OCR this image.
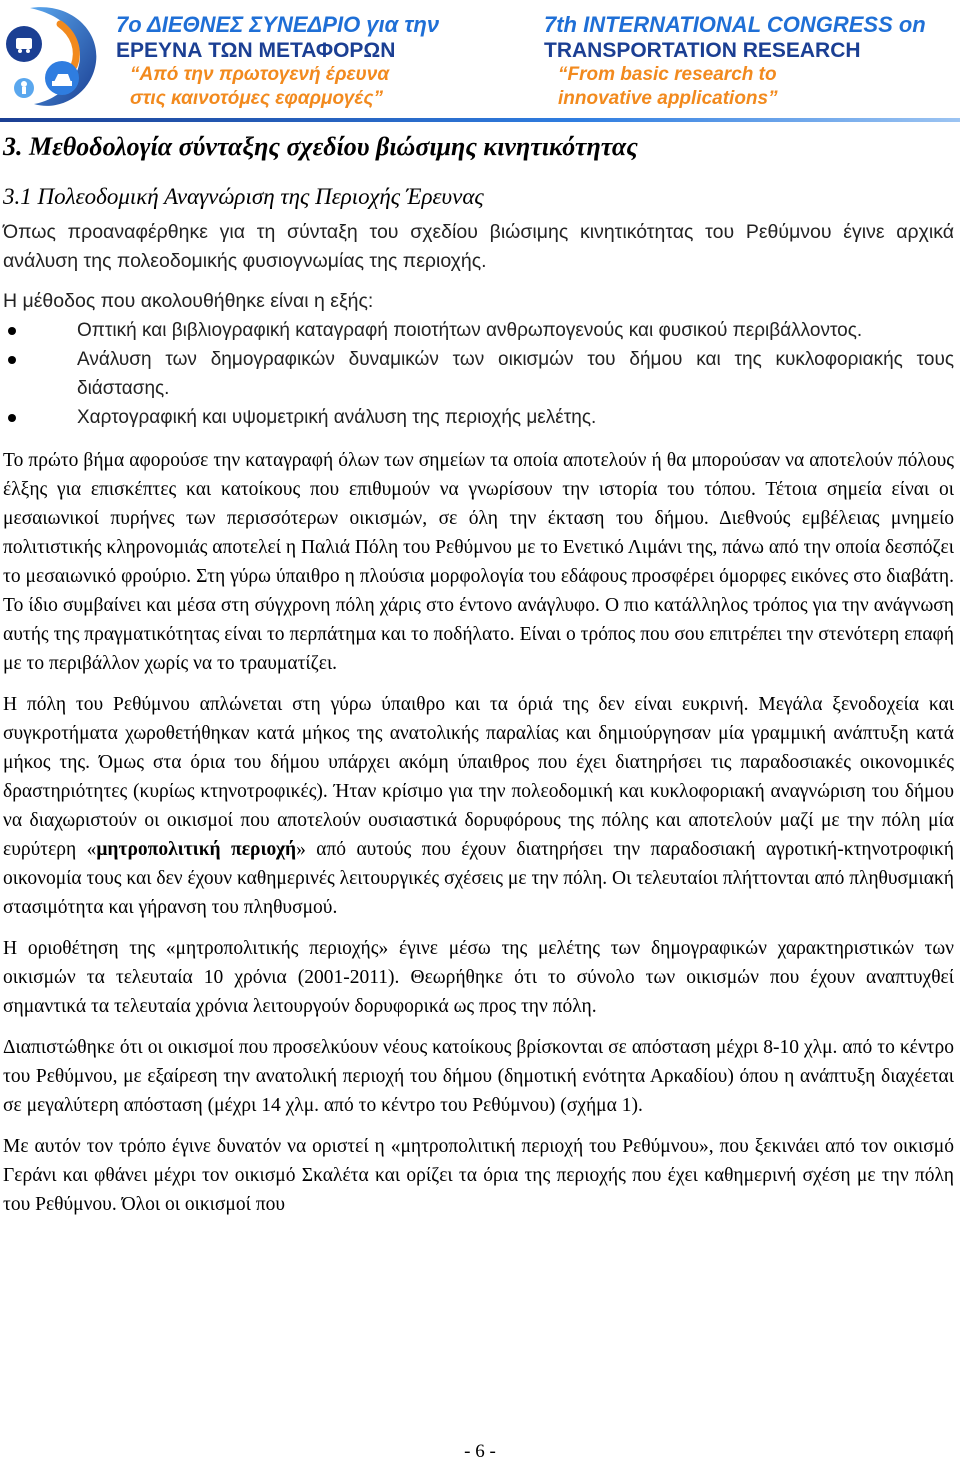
7ο ΔΙΕΘΝΕΣ ΣΥΝΕΔΡΙΟ για την
ΕΡΕΥΝΑ ΤΩΝ ΜΕΤΑΦΟΡΩΝ
“Από την πρωτογενή έρευνα
στις καινοτόμες εφαρμογές”
7th INTERNATIONAL CONGRESS on
TRANSPORTATION RESEARCH
“From basic research to
innovative applications”
3. Μεθοδολογία σύνταξης σχεδίου βιώσιμης κινητικότητας
3.1 Πολεοδομική Αναγνώριση της Περιοχής Έρευνας

Όπως προαναφέρθηκε για τη σύνταξη του σχεδίου βιώσιμης κινητικότητας του Ρεθύμνου έγινε αρχικά ανάλυση της πολεοδομικής φυσιογνωμίας της περιοχής.

Η μέθοδος που ακολουθήθηκε είναι η εξής:

Οπτική και βιβλιογραφική καταγραφή ποιοτήτων ανθρωπογενούς και φυσικού περιβάλλοντος.
Ανάλυση των δημογραφικών δυναμικών των οικισμών του δήμου και της κυκλοφοριακής τους διάστασης.
Χαρτογραφική και υψομετρική ανάλυση της περιοχής μελέτης.

Το πρώτο βήμα αφορούσε την καταγραφή όλων των σημείων τα οποία αποτελούν ή θα μπορούσαν να αποτελούν πόλους έλξης για επισκέπτες και κατοίκους που επιθυμούν να γνωρίσουν την ιστορία του τόπου. Τέτοια σημεία είναι οι μεσαιωνικοί πυρήνες των περισσότερων οικισμών, σε όλη την έκταση του δήμου. Διεθνούς εμβέλειας μνημείο πολιτιστικής κληρονομιάς αποτελεί η Παλιά Πόλη του Ρεθύμνου με το Ενετικό Λιμάνι της, πάνω από την οποία δεσπόζει το μεσαιωνικό φρούριο. Στη γύρω ύπαιθρο η πλούσια μορφολογία του εδάφους προσφέρει όμορφες εικόνες στο διαβάτη. Το ίδιο συμβαίνει και μέσα στη σύγχρονη πόλη χάρις στο έντονο ανάγλυφο. Ο πιο κατάλληλος τρόπος για την ανάγνωση αυτής της πραγματικότητας είναι το περπάτημα και το ποδήλατο. Είναι ο τρόπος που σου επιτρέπει την στενότερη επαφή με το περιβάλλον χωρίς να το τραυματίζει.

Η πόλη του Ρεθύμνου απλώνεται στη γύρω ύπαιθρο και τα όριά της δεν είναι ευκρινή. Μεγάλα ξενοδοχεία και συγκροτήματα χωροθετήθηκαν κατά μήκος της ανατολικής παραλίας και δημιούργησαν μία γραμμική ανάπτυξη κατά μήκος της. Όμως στα όρια του δήμου υπάρχει ακόμη ύπαιθρος που έχει διατηρήσει τις παραδοσιακές οικονομικές δραστηριότητες (κυρίως κτηνοτροφικές). Ήταν κρίσιμο για την πολεοδομική και κυκλοφοριακή αναγνώριση του δήμου να διαχωριστούν οι οικισμοί που αποτελούν ουσιαστικά δορυφόρους της πόλης και αποτελούν μαζί με την πόλη μία ευρύτερη «μητροπολιτική περιοχή» από αυτούς που έχουν διατηρήσει την παραδοσιακή αγροτική-κτηνοτροφική οικονομία τους και δεν έχουν καθημερινές λειτουργικές σχέσεις με την πόλη. Οι τελευταίοι πλήττονται από πληθυσμιακή στασιμότητα και γήρανση του πληθυσμού.

Η οριοθέτηση της «μητροπολιτικής περιοχής» έγινε μέσω της μελέτης των δημογραφικών χαρακτηριστικών των οικισμών τα τελευταία 10 χρόνια (2001-2011). Θεωρήθηκε ότι το σύνολο των οικισμών που έχουν αναπτυχθεί σημαντικά τα τελευταία χρόνια λειτουργούν δορυφορικά ως προς την πόλη.

Διαπιστώθηκε ότι οι οικισμοί που προσελκύουν νέους κατοίκους βρίσκονται σε απόσταση μέχρι 8-10 χλμ. από το κέντρο του Ρεθύμνου, με εξαίρεση την ανατολική περιοχή του δήμου (δημοτική ενότητα Αρκαδίου) όπου η ανάπτυξη διαχέεται σε μεγαλύτερη απόσταση (μέχρι 14 χλμ. από το κέντρο του Ρεθύμνου) (σχήμα 1).

Με αυτόν τον τρόπο έγινε δυνατόν να οριστεί η «μητροπολιτική περιοχή του Ρεθύμνου», που ξεκινάει από τον οικισμό Γεράνι και φθάνει μέχρι τον οικισμό Σκαλέτα και ορίζει τα όρια της περιοχής που έχει καθημερινή σχέση με την πόλη του Ρεθύμνου. Όλοι οι οικισμοί που

- 6 -
